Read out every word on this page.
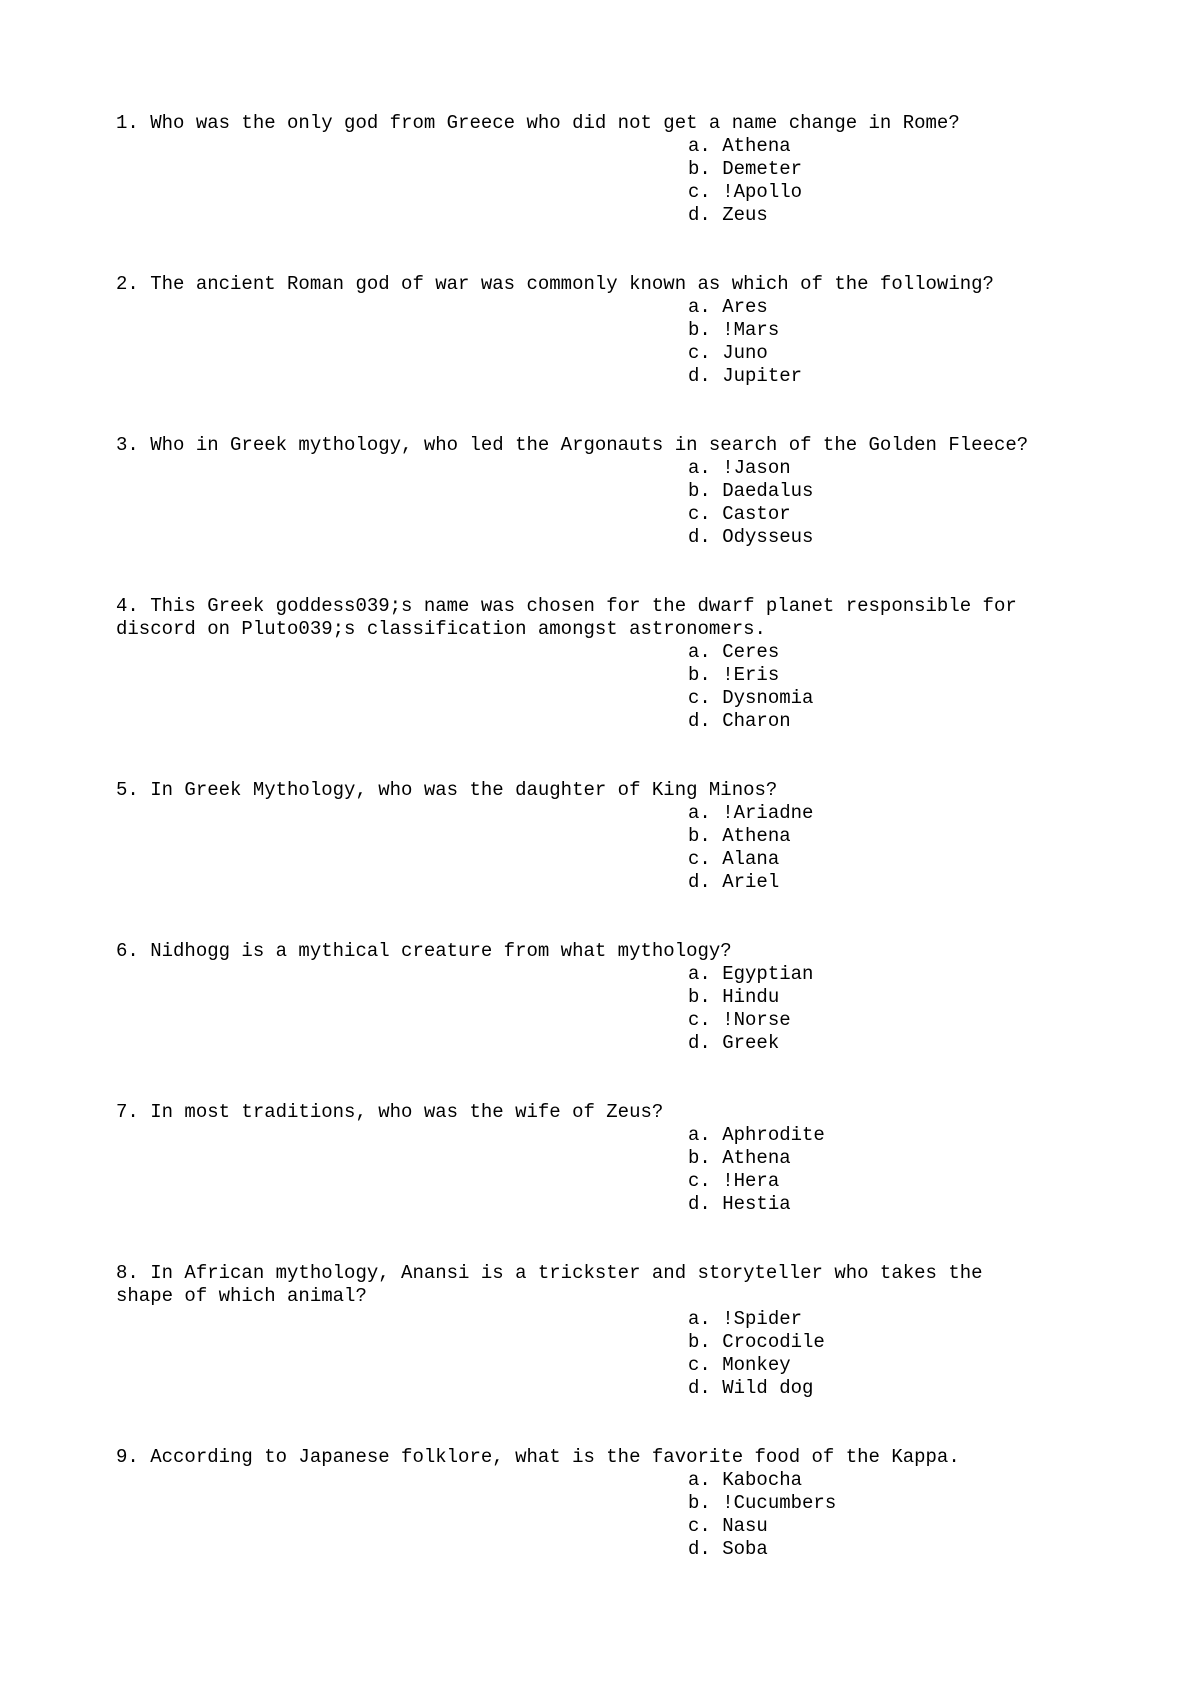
1. Who was the only god from Greece who did not get a name change in Rome?
a. Athena
b. Demeter
c. !Apollo
d. Zeus
2. The ancient Roman god of war was commonly known as which of the following?
a. Ares
b. !Mars
c. Juno
d. Jupiter
3. Who in Greek mythology, who led the Argonauts in search of the Golden Fleece?
a. !Jason
b. Daedalus
c. Castor
d. Odysseus
4. This Greek goddess039;s name was chosen for the dwarf planet responsible for
discord on Pluto039;s classification amongst astronomers.
a. Ceres
b. !Eris
c. Dysnomia
d. Charon
5. In Greek Mythology, who was the daughter of King Minos?
a. !Ariadne
b. Athena
c. Alana
d. Ariel
6. Nidhogg is a mythical creature from what mythology?
a. Egyptian
b. Hindu
c. !Norse
d. Greek
7. In most traditions, who was the wife of Zeus?
a. Aphrodite
b. Athena
c. !Hera
d. Hestia
8. In African mythology, Anansi is a trickster and storyteller who takes the
shape of which animal?
a. !Spider
b. Crocodile
c. Monkey
d. Wild dog
9. According to Japanese folklore, what is the favorite food of the Kappa.
a. Kabocha
b. !Cucumbers
c. Nasu
d. Soba
